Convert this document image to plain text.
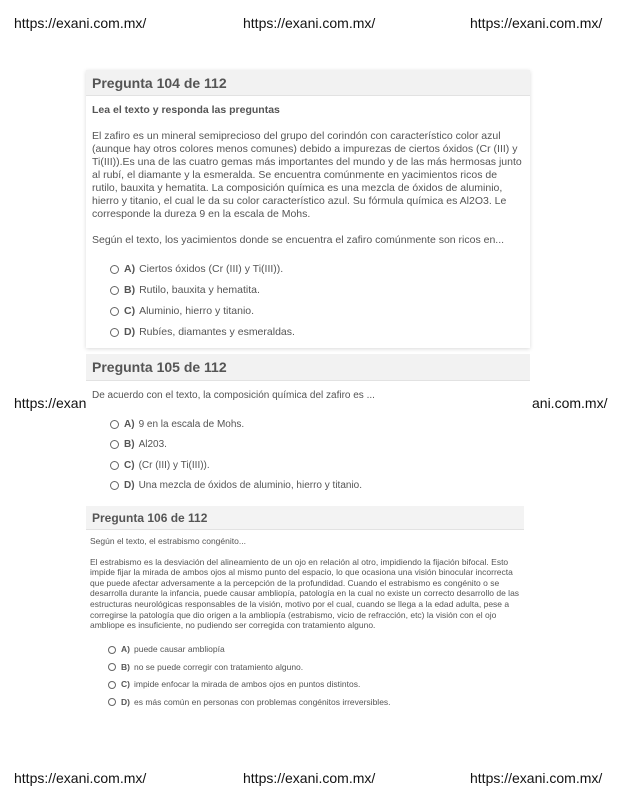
https://exani.com.mx/	https://exani.com.mx/	https://exani.com.mx/
https://exan	ani.com.mx/
https://exani.com.mx/	https://exani.com.mx/	https://exani.com.mx/
Pregunta 104 de 112
Lea el texto y responda las preguntas
El zafiro es un mineral semiprecioso del grupo del corindón con característico color azul (aunque hay otros colores menos comunes) debido a impurezas de ciertos óxidos (Cr (III) y Ti(III)).Es una de las cuatro gemas más importantes del mundo y de las más hermosas junto al rubí, el diamante y la esmeralda. Se encuentra comúnmente en yacimientos ricos de rutilo, bauxita y hematita. La composición química es una mezcla de óxidos de aluminio, hierro y titanio, el cual le da su color característico azul. Su fórmula química es Al2O3. Le corresponde la dureza 9 en la escala de Mohs.
Según el texto, los yacimientos donde se encuentra el zafiro comúnmente son ricos en...
A) Ciertos óxidos (Cr (III) y Ti(III)).
B) Rutilo, bauxita y hematita.
C) Aluminio, hierro y titanio.
D) Rubíes, diamantes y esmeraldas.
Pregunta 105 de 112
De acuerdo con el texto, la composición química del zafiro es ...
A) 9 en la escala de Mohs.
B) Al203.
C) (Cr (III) y Ti(III)).
D) Una mezcla de óxidos de aluminio, hierro y titanio.
Pregunta 106 de 112
Según el texto, el estrabismo congénito...
El estrabismo es la desviación del alineamiento de un ojo en relación al otro, impidiendo la fijación bifocal. Esto impide fijar la mirada de ambos ojos al mismo punto del espacio, lo que ocasiona una visión binocular incorrecta que puede afectar adversamente a la percepción de la profundidad. Cuando el estrabismo es congénito o se desarrolla durante la infancia, puede causar ambliopía, patología en la cual no existe un correcto desarrollo de las estructuras neurológicas responsables de la visión, motivo por el cual, cuando se llega a la edad adulta, pese a corregirse la patología que dio origen a la ambliopía (estrabismo, vicio de refracción, etc) la visión con el ojo ambliope es insuficiente, no pudiendo ser corregida con tratamiento alguno.
A) puede causar ambliopía
B) no se puede corregir con tratamiento alguno.
C) impide enfocar la mirada de ambos ojos en puntos distintos.
D) es más común en personas con problemas congénitos irreversibles.
